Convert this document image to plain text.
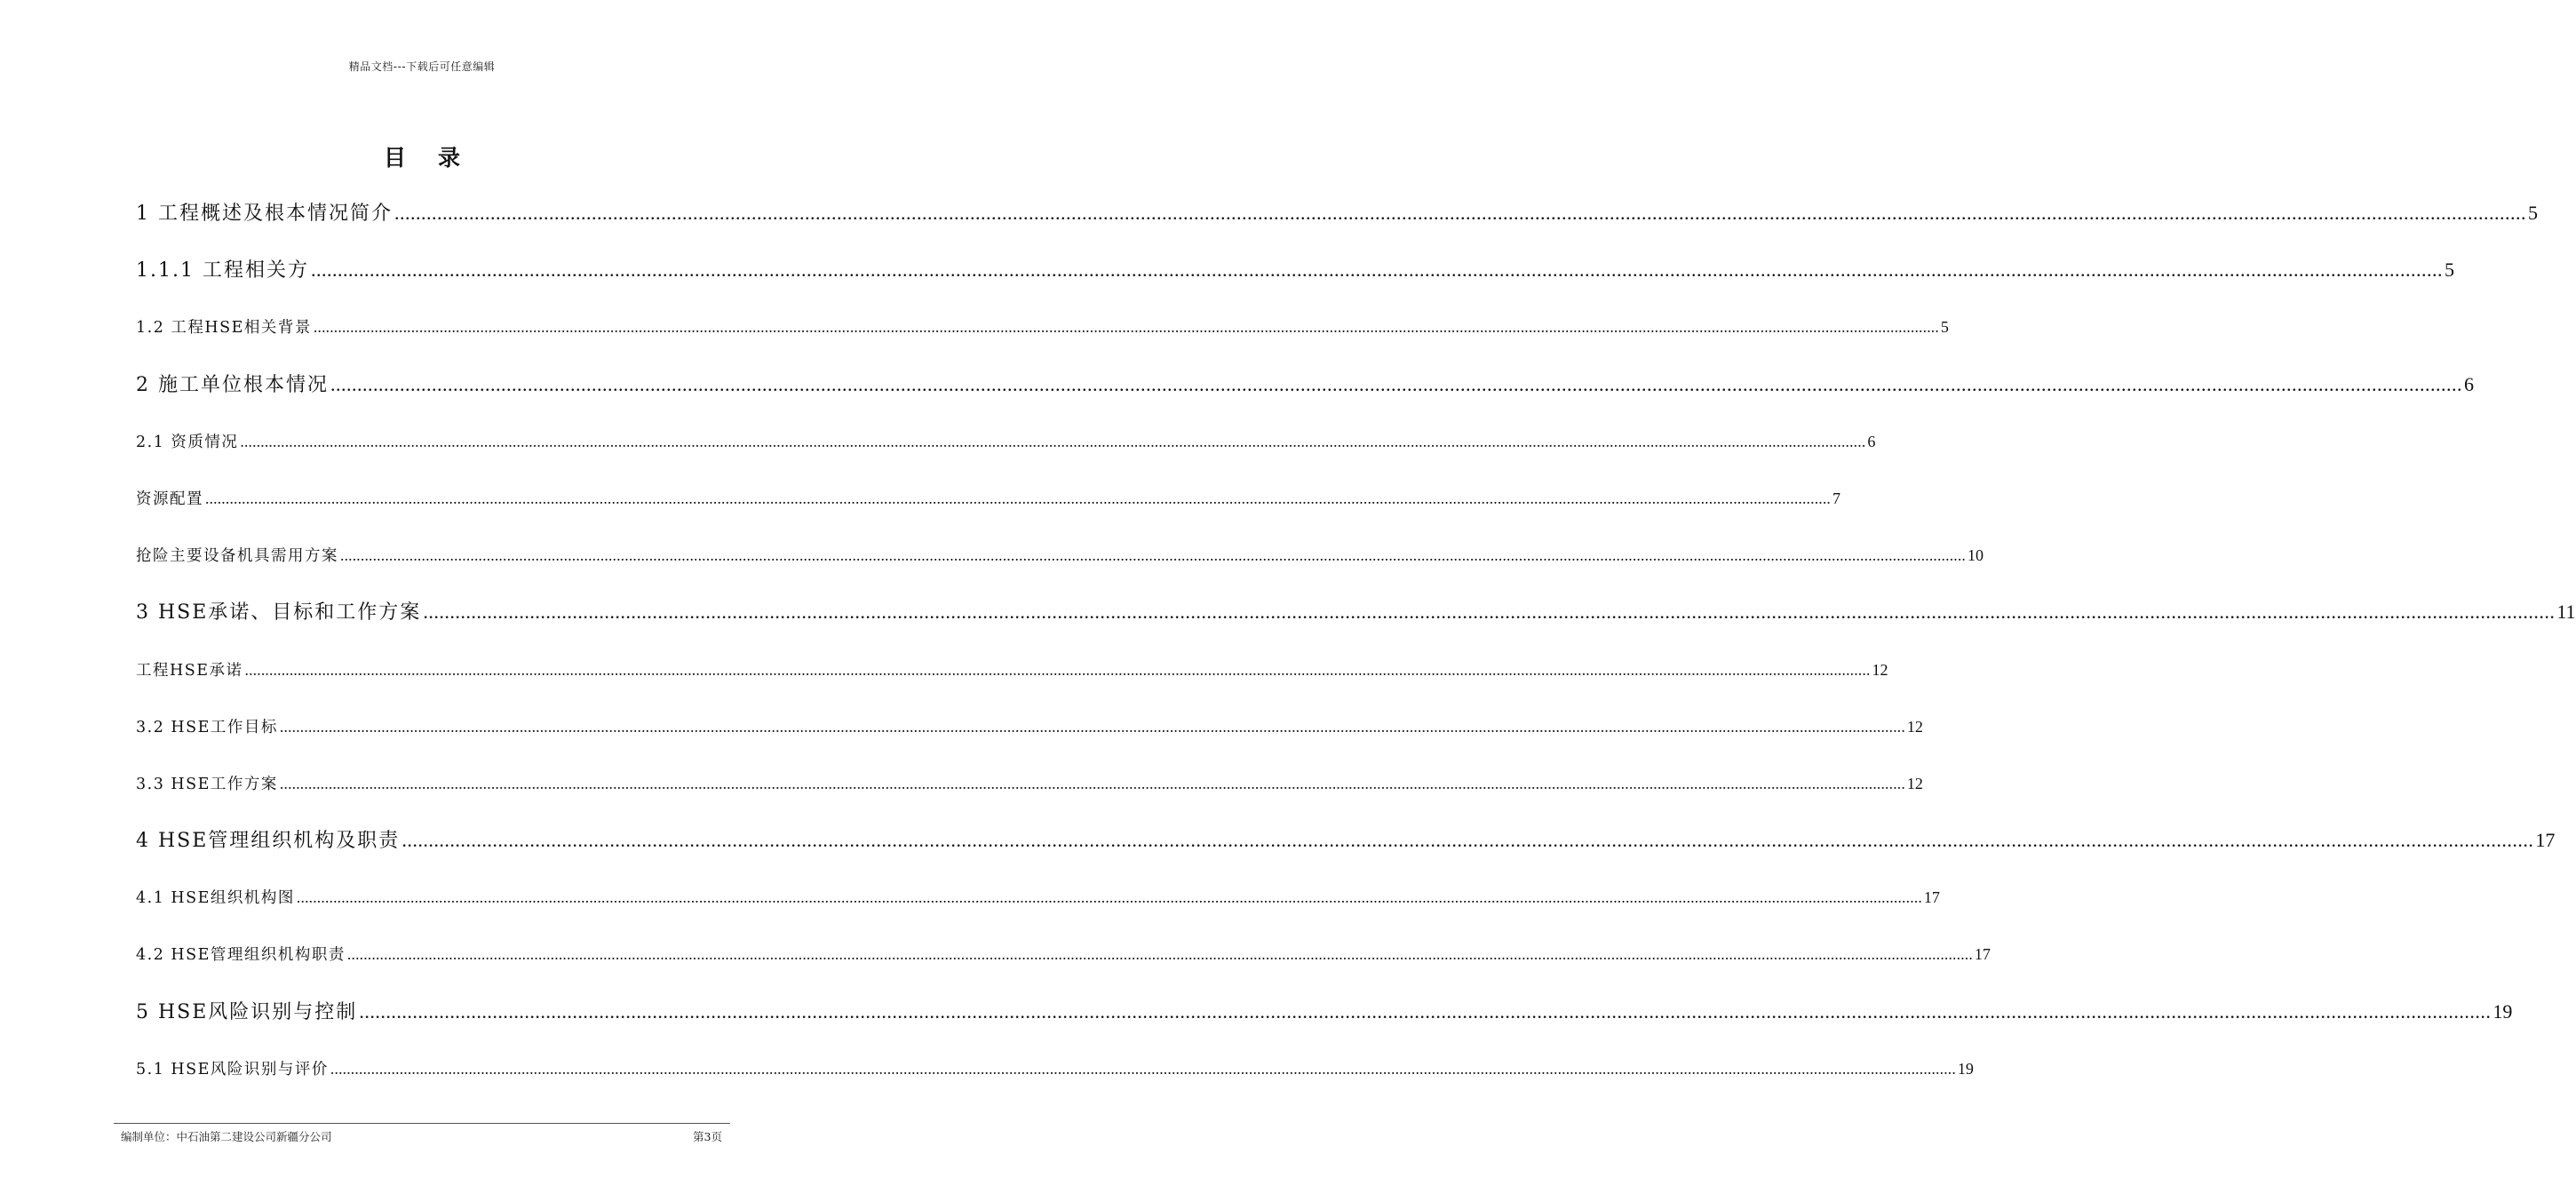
精品文档---下载后可任意编辑
目录
1 工程概述及根本情况简介 ................................................................................................................................................................................................................................................................................................................................................................................................................ 5
1.1.1 工程相关方 ................................................................................................................................................................................................................................................................................................................................................................................................................ 5
1.2 工程HSE相关背景 ................................................................................................................................................................................................................................................................................................................................................................................................................ 5
2 施工单位根本情况 ................................................................................................................................................................................................................................................................................................................................................................................................................ 6
2.1 资质情况 ................................................................................................................................................................................................................................................................................................................................................................................................................ 6
资源配置 ................................................................................................................................................................................................................................................................................................................................................................................................................ 7
抢险主要设备机具需用方案 ................................................................................................................................................................................................................................................................................................................................................................................................................ 10
3 HSE承诺、目标和工作方案 ................................................................................................................................................................................................................................................................................................................................................................................................................ 11
工程HSE承诺 ................................................................................................................................................................................................................................................................................................................................................................................................................ 12
3.2 HSE工作目标 ................................................................................................................................................................................................................................................................................................................................................................................................................ 12
3.3 HSE工作方案 ................................................................................................................................................................................................................................................................................................................................................................................................................ 12
4 HSE管理组织机构及职责 ................................................................................................................................................................................................................................................................................................................................................................................................................ 17
4.1 HSE组织机构图 ................................................................................................................................................................................................................................................................................................................................................................................................................ 17
4.2 HSE管理组织机构职责 ................................................................................................................................................................................................................................................................................................................................................................................................................ 17
5 HSE风险识别与控制 ................................................................................................................................................................................................................................................................................................................................................................................................................ 19
5.1 HSE风险识别与评价 ................................................................................................................................................................................................................................................................................................................................................................................................................ 19
编制单位：中石油第二建设公司新疆分公司	第3页
